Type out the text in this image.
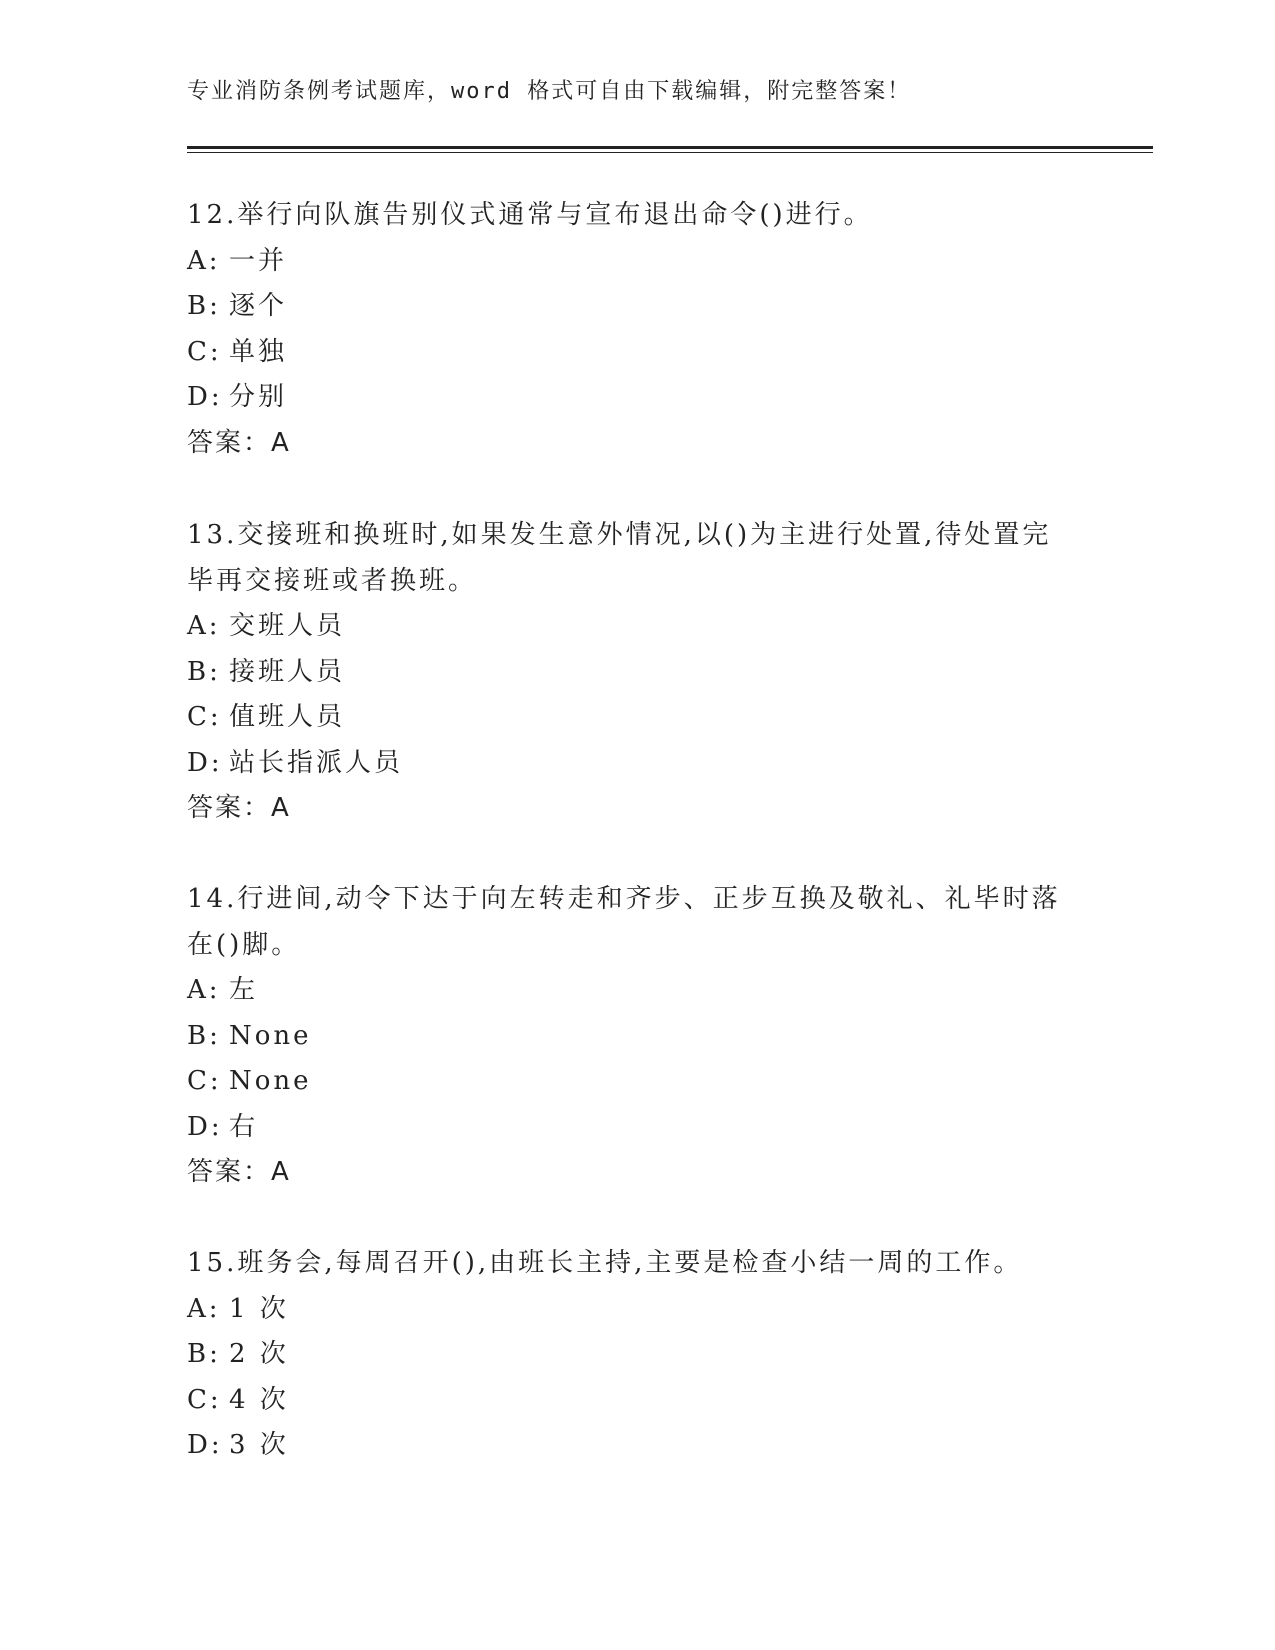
专业消防条例考试题库，word 格式可自由下载编辑，附完整答案！

12.举行向队旗告别仪式通常与宣布退出命令()进行。

A: 一并
B: 逐个
C: 单独
D: 分别
答案：A

13.交接班和换班时,如果发生意外情况,以()为主进行处置,待处置完毕再交接班或者换班。

A: 交班人员
B: 接班人员
C: 值班人员
D: 站长指派人员
答案：A

14.行进间,动令下达于向左转走和齐步、正步互换及敬礼、礼毕时落在()脚。

A: 左
B: None
C: None
D: 右
答案：A

15.班务会,每周召开(),由班长主持,主要是检查小结一周的工作。

A: 1 次
B: 2 次
C: 4 次
D: 3 次
